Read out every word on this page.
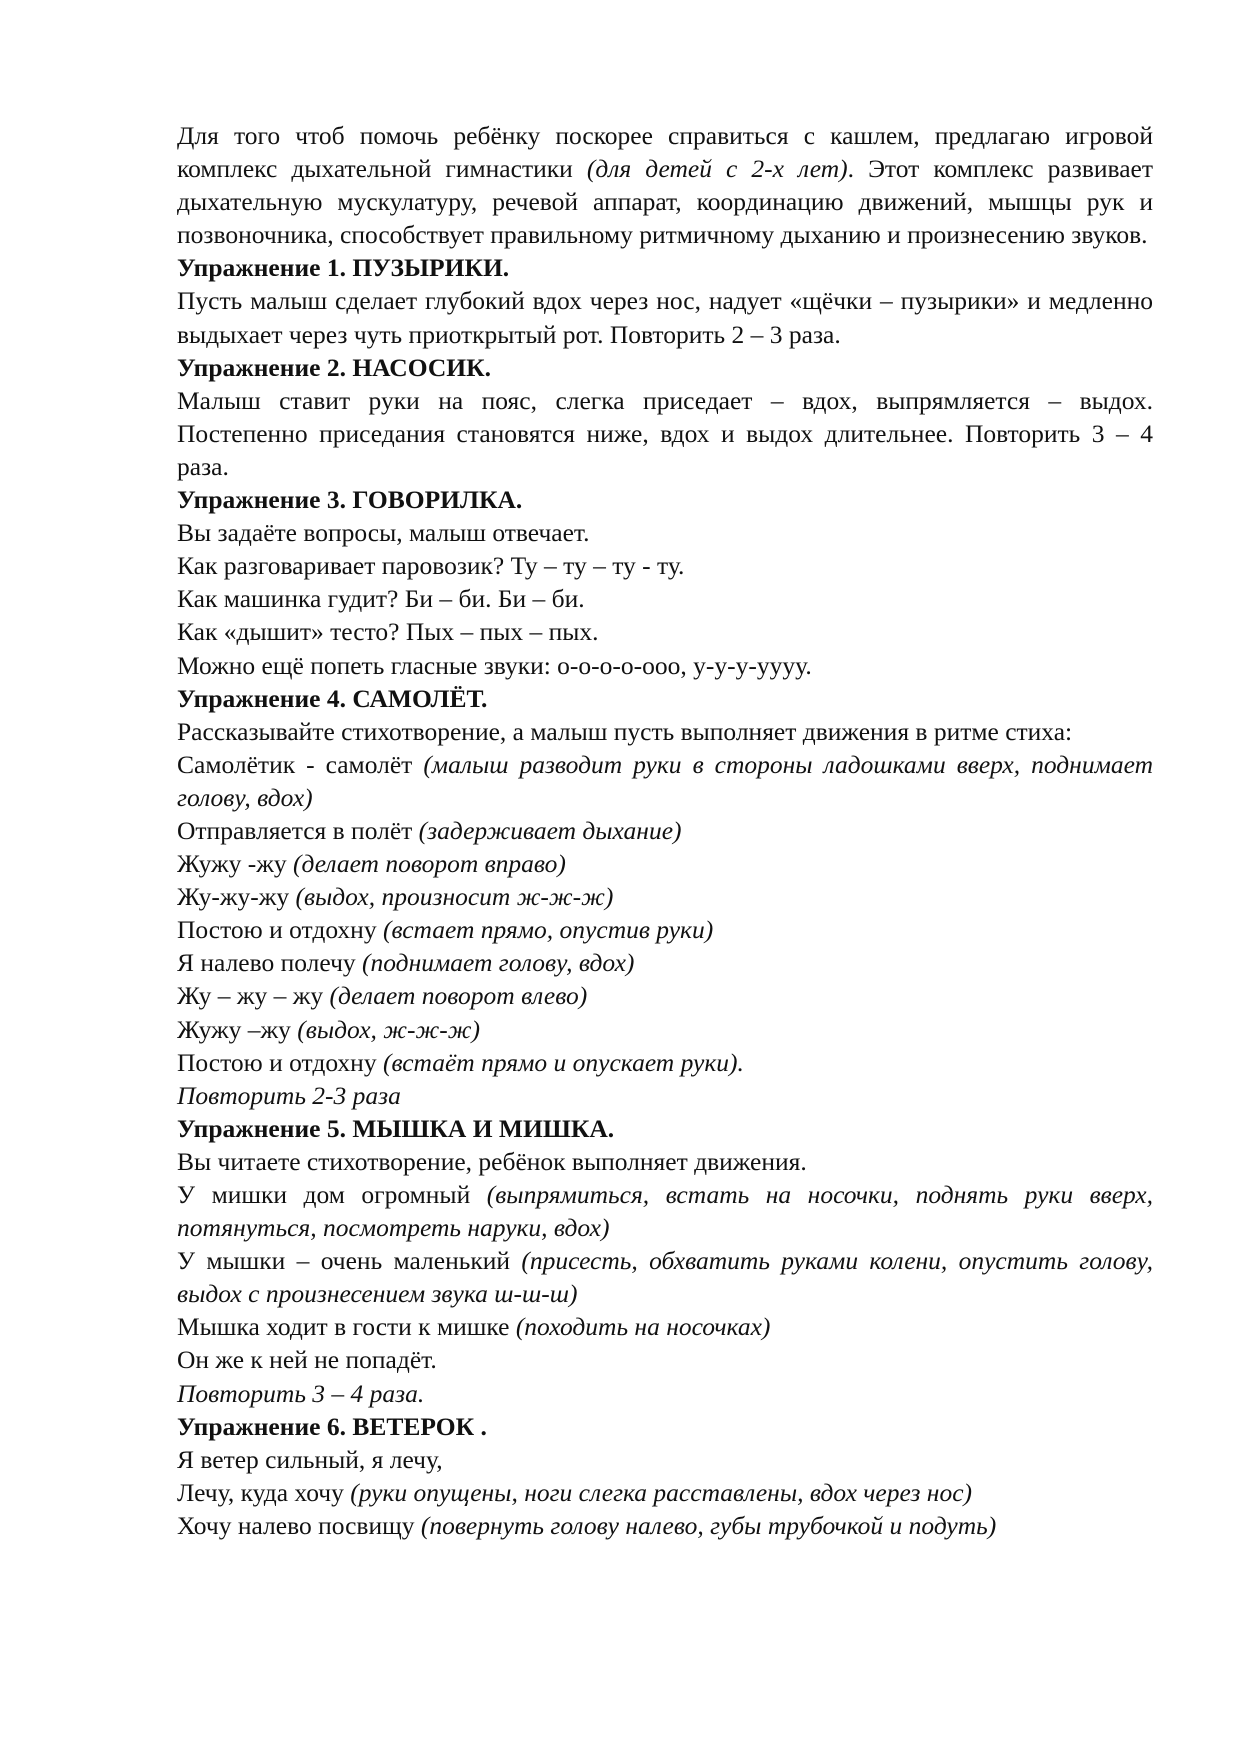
Для того чтоб помочь ребёнку поскорее справиться с кашлем, предлагаю игровой комплекс дыхательной гимнастики (для детей с 2-х лет). Этот комплекс развивает дыхательную мускулатуру, речевой аппарат, координацию движений, мышцы рук и позвоночника, способствует правильному ритмичному дыханию и произнесению звуков.

Упражнение 1. ПУЗЫРИКИ.

Пусть малыш сделает глубокий вдох через нос, надует «щёчки – пузырики» и медленно выдыхает через чуть приоткрытый рот. Повторить 2 – 3 раза.

Упражнение 2. НАСОСИК.

Малыш ставит руки на пояс, слегка приседает – вдох, выпрямляется – выдох. Постепенно приседания становятся ниже, вдох и выдох длительнее. Повторить 3 – 4 раза.

Упражнение 3. ГОВОРИЛКА.

Вы задаёте вопросы, малыш отвечает.

Как разговаривает паровозик? Ту – ту – ту - ту.

Как машинка гудит? Би – би. Би – би.

Как «дышит» тесто? Пых – пых – пых.

Можно ещё попеть гласные звуки: о-о-о-о-ооо, у-у-у-уууу.

Упражнение 4. САМОЛЁТ.

Рассказывайте стихотворение, а малыш пусть выполняет движения в ритме стиха:

Самолётик - самолёт (малыш разводит руки в стороны ладошками вверх, поднимает голову, вдох)

Отправляется в полёт (задерживает дыхание)

Жужу -жу (делает поворот вправо)

Жу-жу-жу (выдох, произносит ж-ж-ж)

Постою и отдохну (встает прямо, опустив руки)

Я налево полечу (поднимает голову, вдох)

Жу – жу – жу (делает поворот влево)

Жужу –жу (выдох, ж-ж-ж)

Постою и отдохну (встаёт прямо и опускает руки).

Повторить 2-3 раза

Упражнение 5. МЫШКА И МИШКА.

Вы читаете стихотворение, ребёнок выполняет движения.

У мишки дом огромный (выпрямиться, встать на носочки, поднять руки вверх, потянуться, посмотреть наруки, вдох)

У мышки – очень маленький (присесть, обхватить руками колени, опустить голову, выдох с произнесением звука ш-ш-ш)

Мышка ходит в гости к мишке (походить на носочках)

Он же к ней не попадёт.

Повторить 3 – 4 раза.

Упражнение 6. ВЕТЕРОК .

Я ветер сильный, я лечу,

Лечу, куда хочу (руки опущены, ноги слегка расставлены, вдох через нос)

Хочу налево посвищу (повернуть голову налево, губы трубочкой и подуть)
